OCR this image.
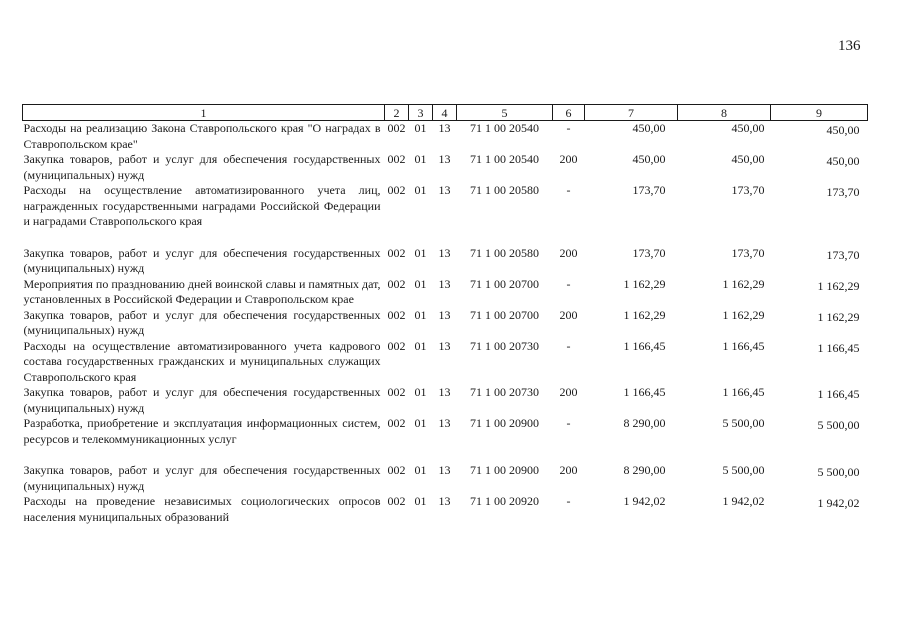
136
1	2	3	4	5	6	7	8	9
Расходы на реализацию Закона Ставропольского края "О наградах в Ставропольском крае"	002	01	13	71 1 00 20540	-	450,00	450,00	450,00
Закупка товаров, работ и услуг для обеспечения государственных (муниципальных) нужд	002	01	13	71 1 00 20540	200	450,00	450,00	450,00
Расходы на осуществление автоматизированного учета лиц, награжденных государственными наградами Российской Федерации и наградами Ставропольского края	002	01	13	71 1 00 20580	-	173,70	173,70	173,70

Закупка товаров, работ и услуг для обеспечения государственных (муниципальных) нужд	002	01	13	71 1 00 20580	200	173,70	173,70	173,70
Мероприятия по празднованию дней воинской славы и памятных дат, установленных в Российской Федерации и Ставропольском крае	002	01	13	71 1 00 20700	-	1 162,29	1 162,29	1 162,29
Закупка товаров, работ и услуг для обеспечения государственных (муниципальных) нужд	002	01	13	71 1 00 20700	200	1 162,29	1 162,29	1 162,29
Расходы на осуществление автоматизированного учета кадрового состава государственных гражданских и муниципальных служащих Ставропольского края	002	01	13	71 1 00 20730	-	1 166,45	1 166,45	1 166,45
Закупка товаров, работ и услуг для обеспечения государственных (муниципальных) нужд	002	01	13	71 1 00 20730	200	1 166,45	1 166,45	1 166,45
Разработка, приобретение и эксплуатация информационных систем, ресурсов и телекоммуникационных услуг	002	01	13	71 1 00 20900	-	8 290,00	5 500,00	5 500,00

Закупка товаров, работ и услуг для обеспечения государственных (муниципальных) нужд	002	01	13	71 1 00 20900	200	8 290,00	5 500,00	5 500,00
Расходы на проведение независимых социологических опросов населения муниципальных образований	002	01	13	71 1 00 20920	-	1 942,02	1 942,02	1 942,02
